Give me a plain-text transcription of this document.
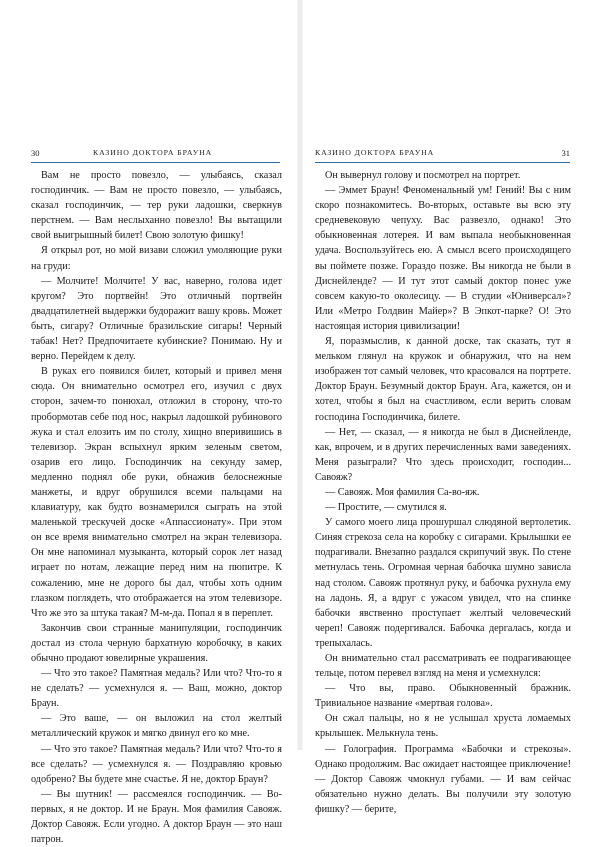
30	КАЗИНО ДОКТОРА БРАУНА

Вам не просто повезло, — улыбаясь, сказал господинчик. — Вам не просто повезло, — улыбаясь, сказал господинчик, — тер руки ладошки, сверкнув перстнем. — Вам неслыханно повезло! Вы вытащили свой выигрышный билет! Свою золотую фишку!

Я открыл рот, но мой визави сложил умоляющие руки на груди:

— Молчите! Молчите! У вас, наверно, голова идет кругом? Это портвейн! Это отличный портвейн двадцатилетней выдержки будоражит вашу кровь. Может быть, сигару? Отличные бразильские сигары! Черный табак! Нет? Предпочитаете кубинские? Понимаю. Ну и верно. Перейдем к делу.

В руках его появился билет, который и привел меня сюда. Он внимательно осмотрел его, изучил с двух сторон, зачем-то понюхал, отложил в сторону, что-то пробормотав себе под нос, накрыл ладошкой рубинового жука и стал елозить им по столу, хищно вперивишись в телевизор. Экран вспыхнул ярким зеленым светом, озарив его лицо. Господинчик на секунду замер, медленно поднял обе руки, обнажив белоснежные манжеты, и вдруг обрушился всеми пальцами на клавиатуру, как будто вознамерился сыграть на этой маленькой трескучей доске «Аппассионату». При этом он все время внимательно смотрел на экран телевизора. Он мне напоминал музыканта, который сорок лет назад играет по нотам, лежащие перед ним на пюпитре. К сожалению, мне не дорого бы дал, чтобы хоть одним глазком поглядеть, что отображается на этом телевизоре. Что же это за штука такая? М-м-да. Попал я в переплет.

Закончив свои странные манипуляции, господинчик достал из стола черную бархатную коробочку, в каких обычно продают ювелирные украшения.

— Что это такое? Памятная медаль? Или что? Что-то я не сделать? — усмехнулся я. — Ваш, можно, доктор Браун.

— Это ваше, — он выложил на стол желтый металлический кружок и мягко двинул его ко мне.

— Что это такое? Памятная медаль? Или что? Что-то я все сделать? — усмехнулся я. — Поздравляю кровью одобрено? Вы будете мне счастье. Я не, доктор Браун?

— Вы шутник! — рассмеялся господинчик. — Во-первых, я не доктор. И не Браун. Моя фамилия Савояж. Доктор Савояж. Если угодно. А доктор Браун — это наш патрон.

КАЗИНО ДОКТОРА БРАУНА	31

Он вывернул голову и посмотрел на портрет.

— Эммет Браун! Феноменальный ум! Гений! Вы с ним скоро познакомитесь. Во-вторых, оставьте вы всю эту средневековую чепуху. Вас развезло, однако! Это обыкновенная лотерея. И вам выпала необыкновенная удача. Воспользуйтесь ею. А смысл всего происходящего вы поймете позже. Гораздо позже. Вы никогда не были в Диснейленде? — И тут этот самый доктор понес уже совсем какую-то околесицу. — В студии «Юниверсал»? Или «Метро Голдвин Майер»? В Эпкот-парке? О! Это настоящая история цивилизации!

Я, поразмыслив, к данной доске, так сказать, тут я мельком глянул на кружок и обнаружил, что на нем изображен тот самый человек, что красовался на портрете. Доктор Браун. Безумный доктор Браун. Ага, кажется, он и хотел, чтобы я был на счастливом, если верить словам господина Господинчика, билете.

— Нет, — сказал, — я никогда не был в Диснейленде, как, впрочем, и в других перечисленных вами заведениях. Меня разыграли? Что здесь происходит, господин... Савояж?

— Савояж. Моя фамилия Са-во-яж.

— Простите, — смутился я.

У самого моего лица прошуршал слюдяной вертолетик. Синяя стрекоза села на коробку с сигарами. Крылышки ее подрагивали. Внезапно раздался скрипучий звук. По стене метнулась тень. Огромная черная бабочка шумно зависла над столом. Савояж протянул руку, и бабочка рухнула ему на ладонь. Я, а вдруг с ужасом увидел, что на спинке бабочки явственно проступает желтый человеческий череп! Савояж подергивался. Бабочка дергалась, когда и трепыхалась.

Он внимательно стал рассматривать ее подрагивающее тельце, потом перевел взгляд на меня и усмехнулся:

— Что вы, право. Обыкновенный бражник. Тривиальное название «мертвая голова».

Он сжал пальцы, но я не услышал хруста ломаемых крылышек. Мелькнула тень.

— Голография. Программа «Бабочки и стрекозы». Однако продолжим. Вас ожидает настоящее приключение! — Доктор Савояж чмокнул губами. — И вам сейчас обязательно нужно делать. Вы получили эту золотую фишку? — берите,
